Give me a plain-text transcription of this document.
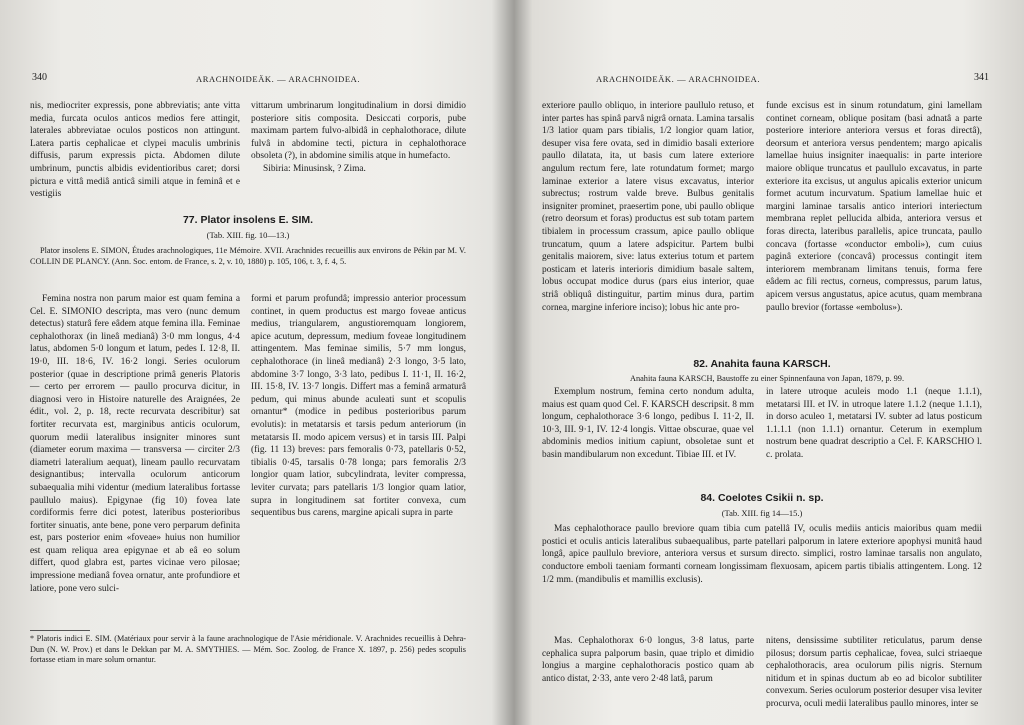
340	ARACHNOIDEÄK. — ARACHNOIDEA.

nis, mediocriter expressis, pone abbreviatis; ante vitta media, furcata oculos anticos medios fere attingit, laterales abbreviatae oculos posticos non attingunt. Latera partis cephalicae et clypei maculis umbrinis diffusis, parum expressis picta. Abdomen dilute umbrinum, punctis albidis evidentioribus caret; dorsi pictura e vittâ mediâ anticâ simili atque in feminâ et e vestigiis

vittarum umbrinarum longitudinalium in dorsi dimidio posteriore sitis composita. Desiccati corporis, pube maximam partem fulvo-albidâ in cephalothorace, dilute fulvâ in abdomine tecti, pictura in cephalothorace obsoleta (?), in abdomine similis atque in humefacto.

Sibiria: Minusinsk, ? Zima.

77. Plator insolens E. SIM.
(Tab. XIII. fig. 10—13.)
Plator insolens E. SIMON, Études arachnologiques, 11e Mémoire. XVII. Arachnides recueillis aux environs de Pékin par M. V. COLLIN DE PLANCY. (Ann. Soc. entom. de France, s. 2, v. 10, 1880) p. 105, 106, t. 3, f. 4, 5.

Femina nostra non parum maior est quam femina a Cel. E. SIMONIO descripta, mas vero (nunc demum detectus) staturâ fere eâdem atque femina illa. Feminae cephalothorax (in lineâ medianâ) 3·0 mm longus, 4·4 latus, abdomen 5·0 longum et latum, pedes I. 12·8, II. 19·0, III. 18·6, IV. 16·2 longi. Series oculorum posterior (quae in descriptione primâ generis Platoris — certo per errorem — paullo procurva dicitur, in diagnosi vero in Histoire naturelle des Araignées, 2e édit., vol. 2, p. 18, recte recurvata describitur) sat fortiter recurvata est, marginibus anticis oculorum, quorum medii lateralibus insigniter minores sunt (diameter eorum maxima — transversa — circiter 2/3 diametri lateralium aequat), lineam paullo recurvatam designantibus; intervalla oculorum anticorum subaequalia mihi videntur (medium lateralibus fortasse paullulo maius). Epigynae (fig 10) fovea late cordiformis ferre dici potest, lateribus posterioribus fortiter sinuatis, ante bene, pone vero perparum definita est, pars posterior enim «foveae» huius non humilior est quam reliqua area epigynae et ab eâ eo solum differt, quod glabra est, partes vicinae vero pilosae; impressione medianâ fovea ornatur, ante profundiore et latiore, pone vero sulci-

formi et parum profundâ; impressio anterior processum continet, in quem productus est margo foveae anticus medius, triangularem, angustioremquam longiorem, apice acutum, depressum, medium foveae longitudinem attingentem. Mas feminae similis, 5·7 mm longus, cephalothorace (in lineâ medianâ) 2·3 longo, 3·5 lato, abdomine 3·7 longo, 3·3 lato, pedibus I. 11·1, II. 16·2, III. 15·8, IV. 13·7 longis. Differt mas a feminâ armaturâ pedum, qui minus abunde aculeati sunt et scopulis ornantur* (modice in pedibus posterioribus parum evolutis): in metatarsis et tarsis pedum anteriorum (in metatarsis II. modo apicem versus) et in tarsis III. Palpi (fig. 11 13) breves: pars femoralis 0·73, patellaris 0·52, tibialis 0·45, tarsalis 0·78 longa; pars femoralis 2/3 longior quam latior, subcylindrata, leviter compressa, leviter curvata; pars patellaris 1/3 longior quam latior, supra in longitudinem sat fortiter convexa, cum sequentibus bus carens, margine apicali supra in parte

* Platoris indici E. SIM. (Matériaux pour servir à la faune arachnologique de l'Asie méridionale. V. Arachnides recueillis à Dehra-Dun (N. W. Prov.) et dans le Dekkan par M. A. SMYTHIES. — Mém. Soc. Zoolog. de France X. 1897, p. 256) pedes scopulis fortasse etiam in mare solum ornantur.
ARACHNOIDEÄK. — ARACHNOIDEA.	341

exteriore paullo obliquo, in interiore paullulo retuso, et inter partes has spinâ parvâ nigrâ ornata. Lamina tarsalis 1/3 latior quam pars tibialis, 1/2 longior quam latior, desuper visa fere ovata, sed in dimidio basali exteriore paullo dilatata, ita, ut basis cum latere exteriore angulum rectum fere, late rotundatum formet; margo laminae exterior a latere visus excavatus, interior subrectus; rostrum valde breve. Bulbus genitalis insigniter prominet, praesertim pone, ubi paullo oblique (retro deorsum et foras) productus est sub totam partem tibialem in processum crassum, apice paullo oblique truncatum, quum a latere adspicitur. Partem bulbi genitalis maiorem, sive: latus exterius totum et partem posticam et lateris interioris dimidium basale saltem, lobus occupat modice durus (pars eius interior, quae striâ obliquâ distinguitur, partim minus dura, partim cornea, margine inferiore inciso); lobus hic ante pro-

funde excisus est in sinum rotundatum, gini lamellam continet corneam, oblique positam (basi adnatâ a parte posteriore interiore anteriora versus et foras directâ), deorsum et anteriora versus pendentem; margo apicalis lamellae huius insigniter inaequalis: in parte interiore maiore oblique truncatus et paullulo excavatus, in parte exteriore ita excisus, ut angulus apicalis exterior unicum formet acutum incurvatum. Spatium lamellae huic et margini laminae tarsalis antico interiori interiectum membrana replet pellucida albida, anteriora versus et foras directa, lateribus parallelis, apice truncata, paullo concava (fortasse «conductor emboli»), cum cuius paginâ exteriore (concavâ) processus contingit item interiorem membranam limitans tenuis, forma fere eâdem ac fili rectus, corneus, compressus, parum latus, apicem versus angustatus, apice acutus, quam membrana paullo brevior (fortasse «embolus»).

82. Anahita fauna KARSCH.
Anahita fauna KARSCH, Baustoffe zu einer Spinnenfauna von Japan, 1879, p. 99.

Exemplum nostrum, femina certo nondum adulta, maius est quam quod Cel. F. KARSCH descripsit. 8 mm longum, cephalothorace 3·6 longo, pedibus I. 11·2, II. 10·3, III. 9·1, IV. 12·4 longis. Vittae obscurae, quae vel abdominis medios initium capiunt, obsoletae sunt et basin mandibularum non excedunt. Tibiae III. et IV.

in latere utroque aculeis modo 1.1 (neque 1.1.1), metatarsi III. et IV. in utroque latere 1.1.2 (neque 1.1.1), in dorso aculeo 1, metatarsi IV. subter ad latus posticum 1.1.1.1 (non 1.1.1) ornantur. Ceterum in exemplum nostrum bene quadrat descriptio a Cel. F. KARSCHIO l. c. prolata.

84. Coelotes Csikii n. sp.
(Tab. XIII. fig 14—15.)

Mas cephalothorace paullo breviore quam tibia cum patellâ IV, oculis mediis anticis maioribus quam medii postici et oculis anticis lateralibus subaequalibus, parte patellari palporum in latere exteriore apophysi munitâ haud longâ, apice paullulo breviore, anteriora versus et sursum directo. simplici, rostro laminae tarsalis non angulato, conductore emboli taeniam formanti corneam longissimam flexuosam, apicem partis tibialis attingentem. Long. 12 1/2 mm. (mandibulis et mamillis exclusis).

Mas. Cephalothorax 6·0 longus, 3·8 latus, parte cephalica supra palporum basin, quae triplo et dimidio longius a margine cephalothoracis postico quam ab antico distat, 2·33, ante vero 2·48 latâ, parum

nitens, densissime subtiliter reticulatus, parum dense pilosus; dorsum partis cephalicae, fovea, sulci striaeque cephalothoracis, area oculorum pilis nigris. Sternum nitidum et in spinas ductum ab eo ad bicolor subtiliter convexum. Series oculorum posterior desuper visa leviter procurva, oculi medii lateralibus paullo minores, inter se
